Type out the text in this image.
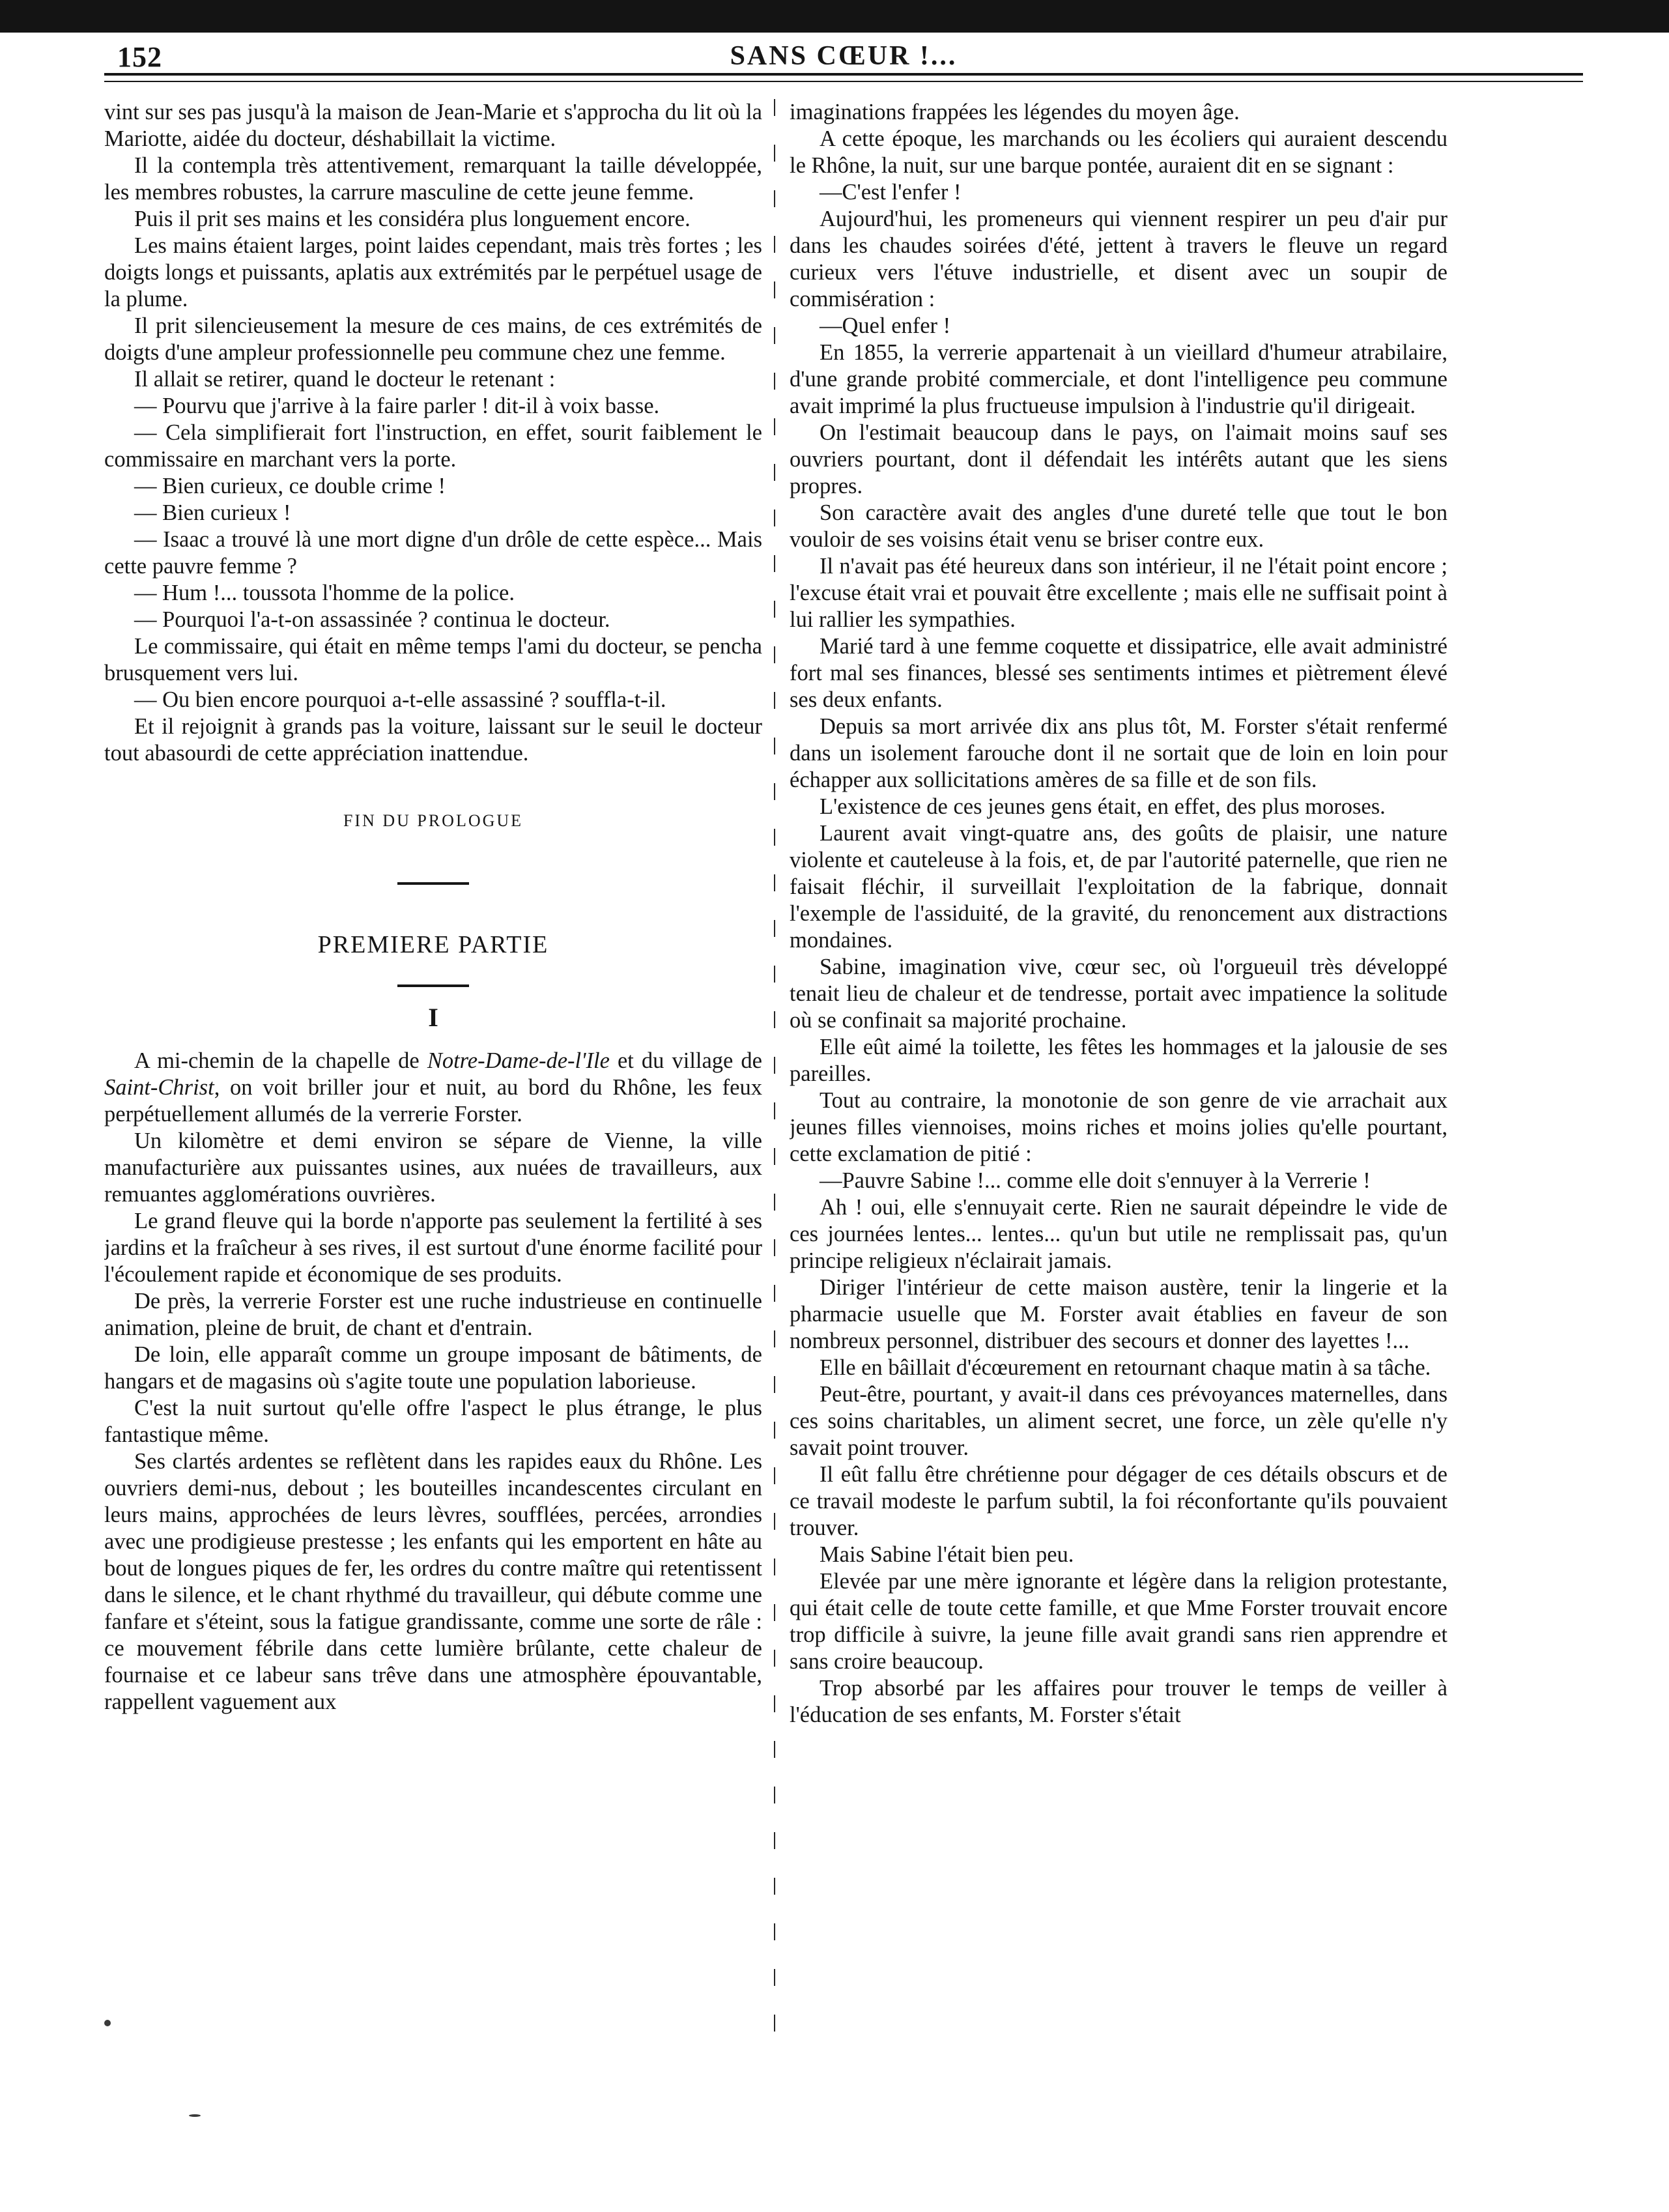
152	SANS CŒUR !...

vint sur ses pas jusqu'à la maison de Jean-Marie et s'approcha du lit où la Mariotte, aidée du docteur, déshabillait la victime.

Il la contempla très attentivement, remarquant la taille développée, les membres robustes, la carrure masculine de cette jeune femme.

Puis il prit ses mains et les considéra plus longuement encore.

Les mains étaient larges, point laides cependant, mais très fortes ; les doigts longs et puissants, aplatis aux extrémités par le perpétuel usage de la plume.

Il prit silencieusement la mesure de ces mains, de ces extrémités de doigts d'une ampleur professionnelle peu commune chez une femme.

Il allait se retirer, quand le docteur le retenant :

— Pourvu que j'arrive à la faire parler ! dit-il à voix basse.

— Cela simplifierait fort l'instruction, en effet, sourit faiblement le commissaire en marchant vers la porte.

— Bien curieux, ce double crime !

— Bien curieux !

— Isaac a trouvé là une mort digne d'un drôle de cette espèce... Mais cette pauvre femme ?

— Hum !... toussota l'homme de la police.

— Pourquoi l'a-t-on assassinée ? continua le docteur.

Le commissaire, qui était en même temps l'ami du docteur, se pencha brusquement vers lui.

— Ou bien encore pourquoi a-t-elle assassiné ? souffla-t-il.

Et il rejoignit à grands pas la voiture, laissant sur le seuil le docteur tout abasourdi de cette appréciation inattendue.

FIN DU PROLOGUE

PREMIERE PARTIE

I

A mi-chemin de la chapelle de Notre-Dame-de-l'Ile et du village de Saint-Christ, on voit briller jour et nuit, au bord du Rhône, les feux perpétuellement allumés de la verrerie Forster.

Un kilomètre et demi environ se sépare de Vienne, la ville manufacturière aux puissantes usines, aux nuées de travailleurs, aux remuantes agglomérations ouvrières.

Le grand fleuve qui la borde n'apporte pas seulement la fertilité à ses jardins et la fraîcheur à ses rives, il est surtout d'une énorme facilité pour l'écoulement rapide et économique de ses produits.

De près, la verrerie Forster est une ruche industrieuse en continuelle animation, pleine de bruit, de chant et d'entrain.

De loin, elle apparaît comme un groupe imposant de bâtiments, de hangars et de magasins où s'agite toute une population laborieuse.

C'est la nuit surtout qu'elle offre l'aspect le plus étrange, le plus fantastique même.

Ses clartés ardentes se reflètent dans les rapides eaux du Rhône. Les ouvriers demi-nus, debout ; les bouteilles incandescentes circulant en leurs mains, approchées de leurs lèvres, soufflées, percées, arrondies avec une prodigieuse prestesse ; les enfants qui les emportent en hâte au bout de longues piques de fer, les ordres du contre maître qui retentissent dans le silence, et le chant rhythmé du travailleur, qui débute comme une fanfare et s'éteint, sous la fatigue grandissante, comme une sorte de râle : ce mouvement fébrile dans cette lumière brûlante, cette chaleur de fournaise et ce labeur sans trêve dans une atmosphère épouvantable, rappellent vaguement aux

imaginations frappées les légendes du moyen âge.

A cette époque, les marchands ou les écoliers qui auraient descendu le Rhône, la nuit, sur une barque pontée, auraient dit en se signant :

—C'est l'enfer !

Aujourd'hui, les promeneurs qui viennent respirer un peu d'air pur dans les chaudes soirées d'été, jettent à travers le fleuve un regard curieux vers l'étuve industrielle, et disent avec un soupir de commisération :

—Quel enfer !

En 1855, la verrerie appartenait à un vieillard d'humeur atrabilaire, d'une grande probité commerciale, et dont l'intelligence peu commune avait imprimé la plus fructueuse impulsion à l'industrie qu'il dirigeait.

On l'estimait beaucoup dans le pays, on l'aimait moins sauf ses ouvriers pourtant, dont il défendait les intérêts autant que les siens propres.

Son caractère avait des angles d'une dureté telle que tout le bon vouloir de ses voisins était venu se briser contre eux.

Il n'avait pas été heureux dans son intérieur, il ne l'était point encore ; l'excuse était vrai et pouvait être excellente ; mais elle ne suffisait point à lui rallier les sympathies.

Marié tard à une femme coquette et dissipatrice, elle avait administré fort mal ses finances, blessé ses sentiments intimes et piètrement élevé ses deux enfants.

Depuis sa mort arrivée dix ans plus tôt, M. Forster s'était renfermé dans un isolement farouche dont il ne sortait que de loin en loin pour échapper aux sollicitations amères de sa fille et de son fils.

L'existence de ces jeunes gens était, en effet, des plus moroses.

Laurent avait vingt-quatre ans, des goûts de plaisir, une nature violente et cauteleuse à la fois, et, de par l'autorité paternelle, que rien ne faisait fléchir, il surveillait l'exploitation de la fabrique, donnait l'exemple de l'assiduité, de la gravité, du renoncement aux distractions mondaines.

Sabine, imagination vive, cœur sec, où l'orgueuil très développé tenait lieu de chaleur et de tendresse, portait avec impatience la solitude où se confinait sa majorité prochaine.

Elle eût aimé la toilette, les fêtes les hommages et la jalousie de ses pareilles.

Tout au contraire, la monotonie de son genre de vie arrachait aux jeunes filles viennoises, moins riches et moins jolies qu'elle pourtant, cette exclamation de pitié :

—Pauvre Sabine !... comme elle doit s'ennuyer à la Verrerie !

Ah ! oui, elle s'ennuyait certe. Rien ne saurait dépeindre le vide de ces journées lentes... lentes... qu'un but utile ne remplissait pas, qu'un principe religieux n'éclairait jamais.

Diriger l'intérieur de cette maison austère, tenir la lingerie et la pharmacie usuelle que M. Forster avait établies en faveur de son nombreux personnel, distribuer des secours et donner des layettes !...

Elle en bâillait d'écœurement en retournant chaque matin à sa tâche.

Peut-être, pourtant, y avait-il dans ces prévoyances maternelles, dans ces soins charitables, un aliment secret, une force, un zèle qu'elle n'y savait point trouver.

Il eût fallu être chrétienne pour dégager de ces détails obscurs et de ce travail modeste le parfum subtil, la foi réconfortante qu'ils pouvaient trouver.

Mais Sabine l'était bien peu.

Elevée par une mère ignorante et légère dans la religion protestante, qui était celle de toute cette famille, et que Mme Forster trouvait encore trop difficile à suivre, la jeune fille avait grandi sans rien apprendre et sans croire beaucoup.

Trop absorbé par les affaires pour trouver le temps de veiller à l'éducation de ses enfants, M. Forster s'était
